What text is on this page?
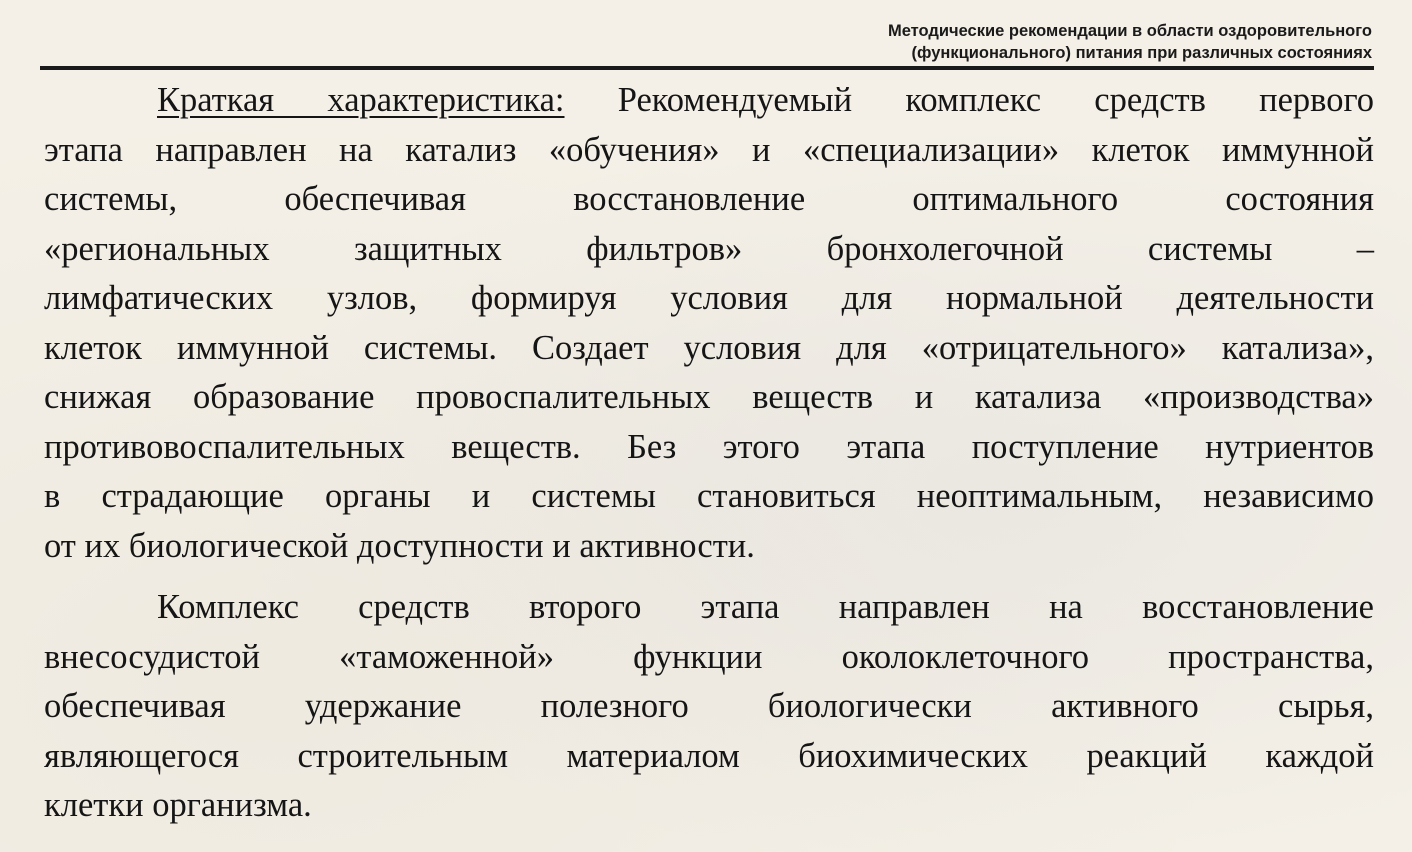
Методические рекомендации в области оздоровительного
(функционального) питания при различных состояниях
Краткая характеристика: Рекомендуемый комплекс средств первого
этапа направлен на катализ «обучения» и «специализации» клеток иммунной
системы, обеспечивая восстановление оптимального состояния
«региональных защитных фильтров» бронхолегочной системы –
лимфатических узлов, формируя условия для нормальной деятельности
клеток иммунной системы. Создает условия для «отрицательного» катализа»,
снижая образование провоспалительных веществ и катализа «производства»
противовоспалительных веществ. Без этого этапа поступление нутриентов
в страдающие органы и системы становиться неоптимальным, независимо
от их биологической доступности и активности.
Комплекс средств второго этапа направлен на восстановление
внесосудистой «таможенной» функции околоклеточного пространства,
обеспечивая удержание полезного биологически активного сырья,
являющегося строительным материалом биохимических реакций каждой
клетки организма.
